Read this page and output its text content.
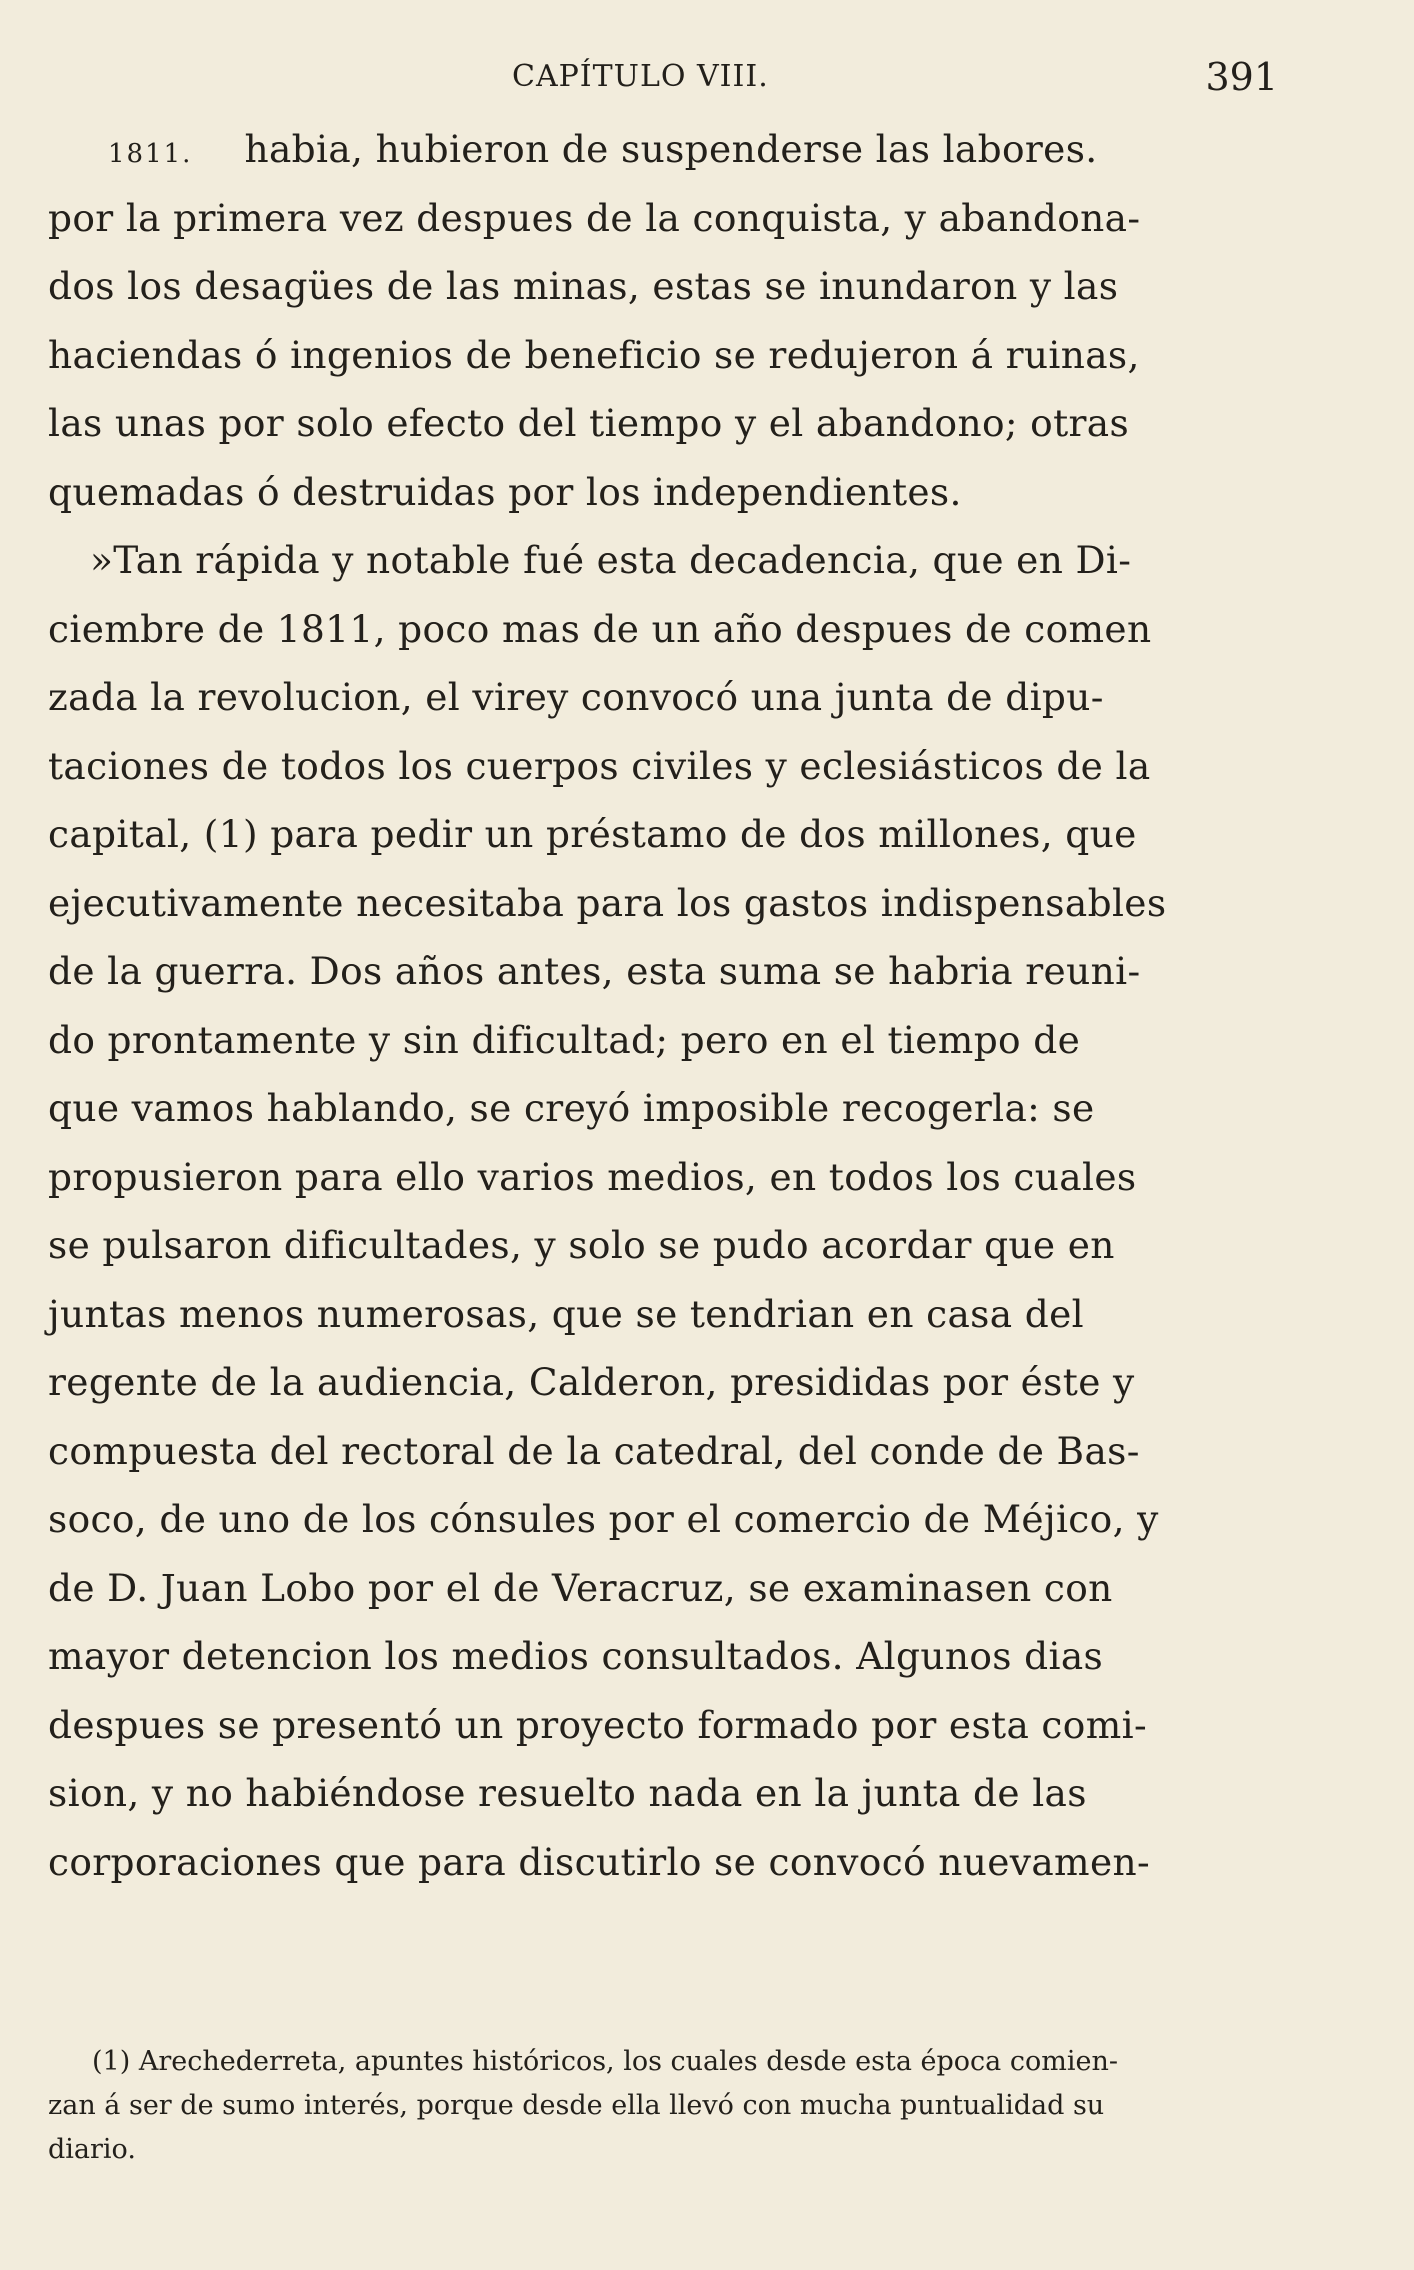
CAPÍTULO VIII.	391
1811. habia, hubieron de suspenderse las labores.
por la primera vez despues de la conquista, y abandona-
dos los desagües de las minas, estas se inundaron y las
haciendas ó ingenios de beneficio se redujeron á ruinas,
las unas por solo efecto del tiempo y el abandono; otras
quemadas ó destruidas por los independientes.
»Tan rápida y notable fué esta decadencia, que en Di-
ciembre de 1811, poco mas de un año despues de comen
zada la revolucion, el virey convocó una junta de dipu-
taciones de todos los cuerpos civiles y eclesiásticos de la
capital, (1) para pedir un préstamo de dos millones, que
ejecutivamente necesitaba para los gastos indispensables
de la guerra. Dos años antes, esta suma se habria reuni-
do prontamente y sin dificultad; pero en el tiempo de
que vamos hablando, se creyó imposible recogerla: se
propusieron para ello varios medios, en todos los cuales
se pulsaron dificultades, y solo se pudo acordar que en
juntas menos numerosas, que se tendrian en casa del
regente de la audiencia, Calderon, presididas por éste y
compuesta del rectoral de la catedral, del conde de Bas-
soco, de uno de los cónsules por el comercio de Méjico, y
de D. Juan Lobo por el de Veracruz, se examinasen con
mayor detencion los medios consultados. Algunos dias
despues se presentó un proyecto formado por esta comi-
sion, y no habiéndose resuelto nada en la junta de las
corporaciones que para discutirlo se convocó nuevamen-
(1) Arechederreta, apuntes históricos, los cuales desde esta época comien-
zan á ser de sumo interés, porque desde ella llevó con mucha puntualidad su
diario.
